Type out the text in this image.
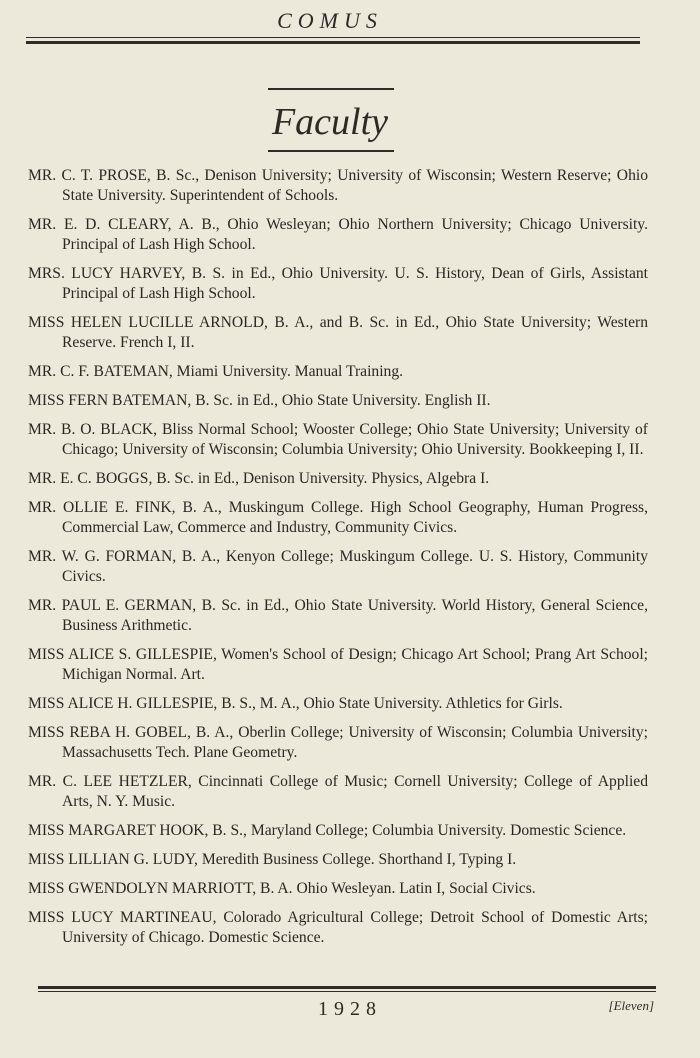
COMUS
Faculty

MR. C. T. PROSE, B. Sc., Denison University; University of Wisconsin; Western Reserve; Ohio State University. Superintendent of Schools.

MR. E. D. CLEARY, A. B., Ohio Wesleyan; Ohio Northern University; Chicago University. Principal of Lash High School.

MRS. LUCY HARVEY, B. S. in Ed., Ohio University. U. S. History, Dean of Girls, Assistant Principal of Lash High School.

MISS HELEN LUCILLE ARNOLD, B. A., and B. Sc. in Ed., Ohio State University; Western Reserve. French I, II.

MR. C. F. BATEMAN, Miami University. Manual Training.

MISS FERN BATEMAN, B. Sc. in Ed., Ohio State University. English II.

MR. B. O. BLACK, Bliss Normal School; Wooster College; Ohio State University; University of Chicago; University of Wisconsin; Columbia University; Ohio University. Bookkeeping I, II.

MR. E. C. BOGGS, B. Sc. in Ed., Denison University. Physics, Algebra I.

MR. OLLIE E. FINK, B. A., Muskingum College. High School Geography, Human Progress, Commercial Law, Commerce and Industry, Community Civics.

MR. W. G. FORMAN, B. A., Kenyon College; Muskingum College. U. S. History, Community Civics.

MR. PAUL E. GERMAN, B. Sc. in Ed., Ohio State University. World History, General Science, Business Arithmetic.

MISS ALICE S. GILLESPIE, Women's School of Design; Chicago Art School; Prang Art School; Michigan Normal. Art.

MISS ALICE H. GILLESPIE, B. S., M. A., Ohio State University. Athletics for Girls.

MISS REBA H. GOBEL, B. A., Oberlin College; University of Wisconsin; Columbia University; Massachusetts Tech. Plane Geometry.

MR. C. LEE HETZLER, Cincinnati College of Music; Cornell University; College of Applied Arts, N. Y. Music.

MISS MARGARET HOOK, B. S., Maryland College; Columbia University. Domestic Science.

MISS LILLIAN G. LUDY, Meredith Business College. Shorthand I, Typing I.

MISS GWENDOLYN MARRIOTT, B. A. Ohio Wesleyan. Latin I, Social Civics.

MISS LUCY MARTINEAU, Colorado Agricultural College; Detroit School of Domestic Arts; University of Chicago. Domestic Science.

1928	[Eleven]
